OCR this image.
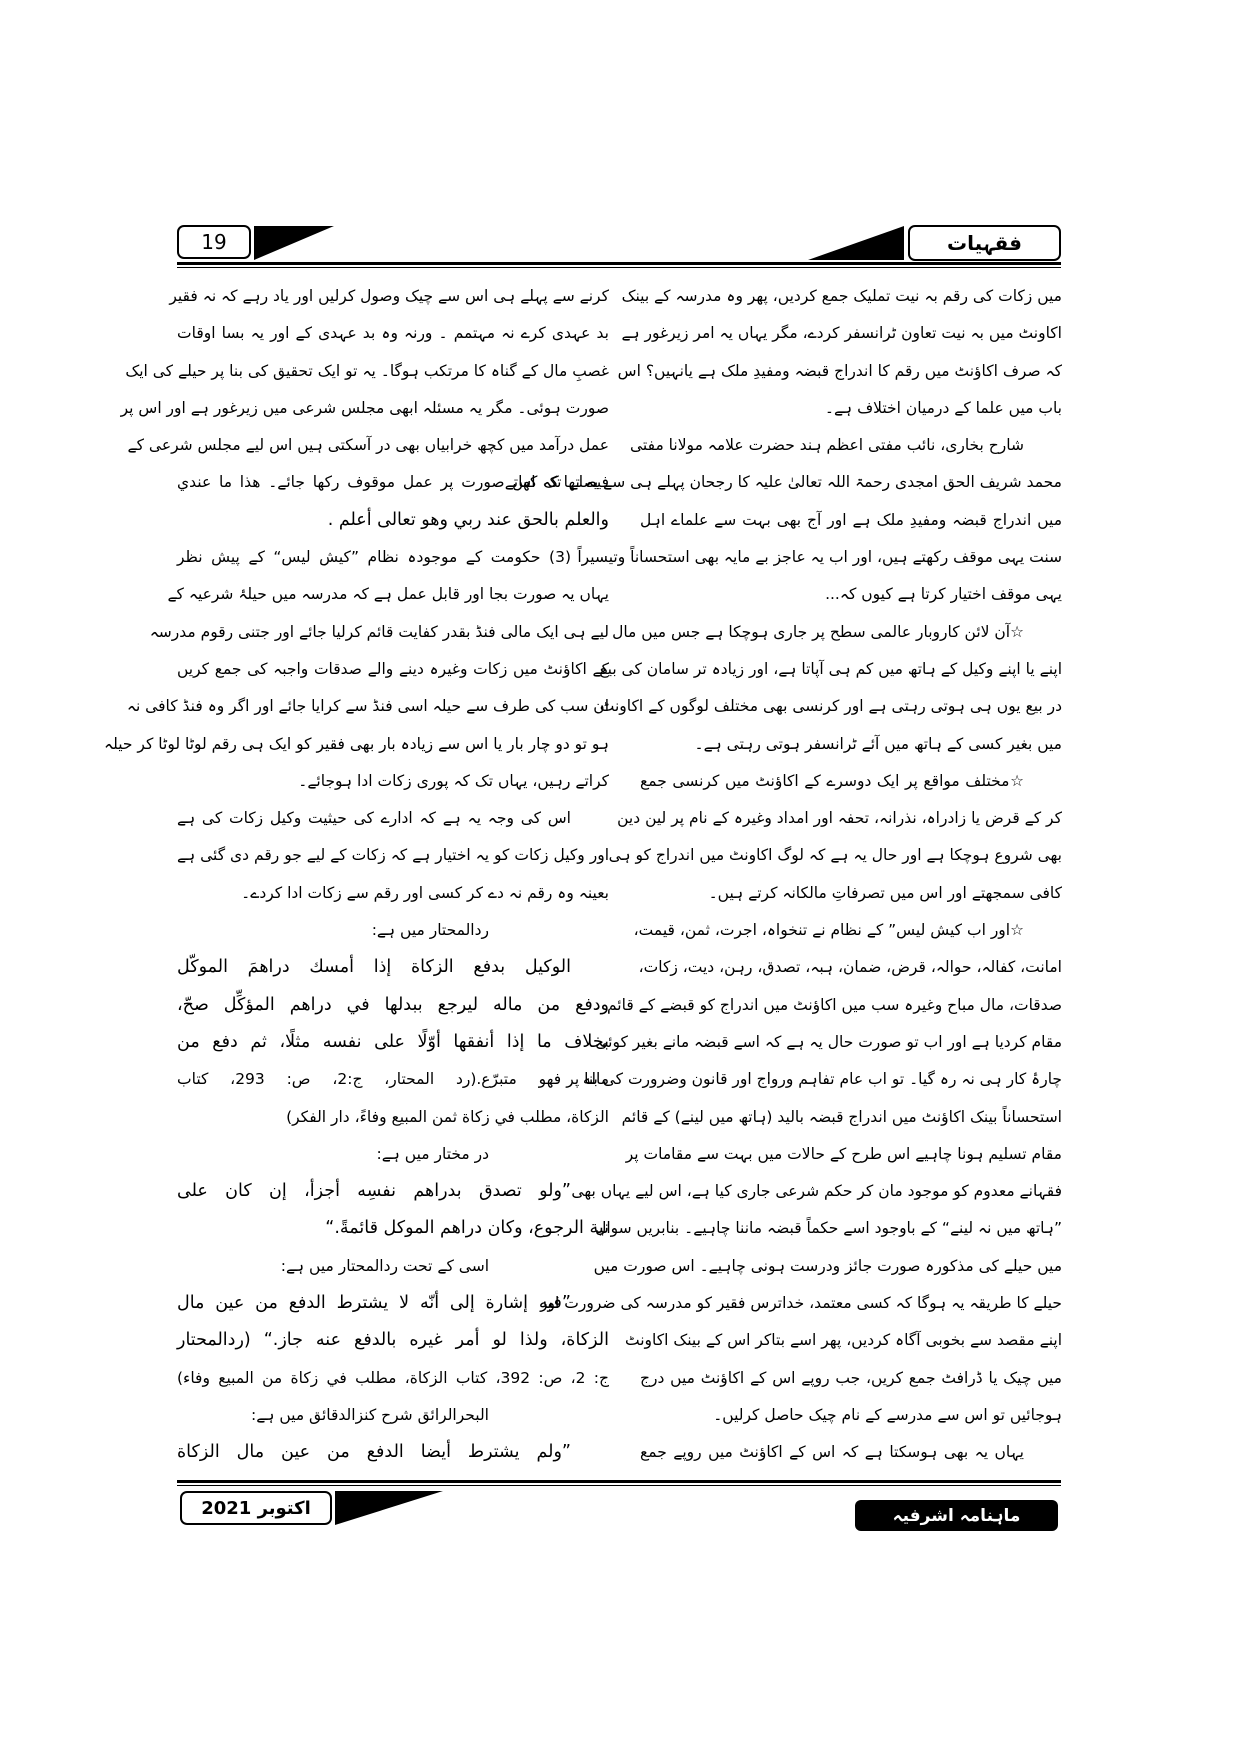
19	فقہیات
میں زکات کی رقم بہ نیت تملیک جمع کردیں، پھر وہ مدرسہ کے بینک
اکاونٹ میں بہ نیت تعاون ٹرانسفر کردے، مگر یہاں یہ امر زیرغور ہے
کہ صرف اکاؤنٹ میں رقم کا اندراج قبضہ ومفیدِ ملک ہے یانہیں؟ اس
باب میں علما کے درمیان اختلاف ہے۔
شارح بخاری، نائب مفتی اعظم ہند حضرت علامہ مولانا مفتی
محمد شریف الحق امجدی رحمۃ اللہ تعالیٰ علیہ کا رجحان پہلے ہی سے یہ تھا کہ کھاتے
میں اندراج قبضہ ومفیدِ ملک ہے اور آج بھی بہت سے علماے اہل
سنت یہی موقف رکھتے ہیں، اور اب یہ عاجز بے مایہ بھی استحساناً وتیسیراً
یہی موقف اختیار کرتا ہے کیوں کہ...
☆آن لائن کاروبار عالمی سطح پر جاری ہوچکا ہے جس میں مال
اپنے یا اپنے وکیل کے ہاتھ میں کم ہی آپاتا ہے، اور زیادہ تر سامان کی بیع
در بیع یوں ہی ہوتی رہتی ہے اور کرنسی بھی مختلف لوگوں کے اکاونٹ
میں بغیر کسی کے ہاتھ میں آئے ٹرانسفر ہوتی رہتی ہے۔
☆مختلف مواقع پر ایک دوسرے کے اکاؤنٹ میں کرنسی جمع
کر کے قرض یا زادراہ، نذرانہ، تحفہ اور امداد وغیرہ کے نام پر لین دین
بھی شروع ہوچکا ہے اور حال یہ ہے کہ لوگ اکاونٹ میں اندراج کو ہی
کافی سمجھتے اور اس میں تصرفاتِ مالکانہ کرتے ہیں۔
☆اور اب کیش لیس” کے نظام نے تنخواہ، اجرت، ثمن، قیمت،
امانت، کفالہ، حوالہ، قرض، ضمان، ہبہ، تصدق، رہن، دیت، زکات،
صدقات، مال مباح وغیرہ سب میں اکاؤنٹ میں اندراج کو قبضے کے قائم
مقام کردیا ہے اور اب تو صورت حال یہ ہے کہ اسے قبضہ مانے بغیر کوئی
چارۂ کار ہی نہ رہ گیا۔ تو اب عام تفاہم ورواج اور قانون وضرورت کی بنا پر
استحساناً بینک اکاؤنٹ میں اندراج قبضہ بالید (ہاتھ میں لینے) کے قائم
مقام تسلیم ہونا چاہیے اس طرح کے حالات میں بہت سے مقامات پر
فقہانے معدوم کو موجود مان کر حکم شرعی جاری کیا ہے، اس لیے یہاں بھی
”ہاتھ میں نہ لینے“ کے باوجود اسے حکماً قبضہ ماننا چاہیے۔ بنابریں سوال
میں حیلے کی مذکورہ صورت جائز ودرست ہونی چاہیے۔ اس صورت میں
حیلے کا طریقہ یہ ہوگا کہ کسی معتمد، خداترس فقیر کو مدرسہ کی ضرورت اور
اپنے مقصد سے بخوبی آگاہ کردیں، پھر اسے بتاکر اس کے بینک اکاونٹ
میں چیک یا ڈرافٹ جمع کریں، جب روپے اس کے اکاؤنٹ میں درج
ہوجائیں تو اس سے مدرسے کے نام چیک حاصل کرلیں۔
یہاں یہ بھی ہوسکتا ہے کہ اس کے اکاؤنٹ میں روپے جمع
کرنے سے پہلے ہی اس سے چیک وصول کرلیں اور یاد رہے کہ نہ فقیر
بد عہدی کرے نہ مہتمم ۔ ورنہ وہ بد عہدی کے اور یہ بسا اوقات
غصبِ مال کے گناہ کا مرتکب ہوگا۔ یہ تو ایک تحقیق کی بنا پر حیلے کی ایک
صورت ہوئی۔ مگر یہ مسئلہ ابھی مجلس شرعی میں زیرغور ہے اور اس پر
عمل درآمد میں کچھ خرابیاں بھی در آسکتی ہیں اس لیے مجلس شرعی کے
فیصلے تک اس صورت پر عمل موقوف رکھا جائے۔ هذا ما عندي
والعلم بالحق عند ربي وهو تعالى أعلم .
(3) حکومت کے موجودہ نظام ”کیش لیس“ کے پیش نظر
یہاں یہ صورت بجا اور قابل عمل ہے کہ مدرسہ میں حیلۂ شرعیہ کے
لیے ہی ایک مالی فنڈ بقدر کفایت قائم کرلیا جائے اور جتنی رقوم مدرسہ
کے اکاؤنٹ میں زکات وغیرہ دینے والے صدقات واجبہ کی جمع کریں
ان سب کی طرف سے حیلہ اسی فنڈ سے کرایا جائے اور اگر وہ فنڈ کافی نہ
ہو تو دو چار بار یا اس سے زیادہ بار بھی فقیر کو ایک ہی رقم لوٹا لوٹا کر حیلہ
کراتے رہیں، یہاں تک کہ پوری زکات ادا ہوجائے۔
اس کی وجہ یہ ہے کہ ادارے کی حیثیت وکیل زکات کی ہے
اور وکیل زکات کو یہ اختیار ہے کہ زکات کے لیے جو رقم دی گئی ہے
بعینہ وہ رقم نہ دے کر کسی اور رقم سے زکات ادا کردے۔
ردالمحتار میں ہے:
الوكيل بدفع الزكاة إذا أمسك دراهمَ الموكّل
ودفع من ماله ليرجع ببدلها في دراهم المؤكِّل صحّ،
بخلاف ما إذا أنفقها أوّلًا على نفسه مثلًا، ثم دفع من
ماله فهو متبرّع.(رد المحتار، ج:2، ص: 293، كتاب
الزكاة، مطلب في زكاة ثمن المبيع وفاءً، دار الفكر)
در مختار میں ہے:
”ولو تصدق بدراهم نفسِه أجزأ، إن كان على
نية الرجوع، وكان دراهم الموكل قائمةً.“
اسی کے تحت ردالمحتار میں ہے:
”فيه إشارة إلى أنّه لا يشترط الدفع من عين مال
الزكاة، ولذا لو أمر غيره بالدفع عنه جاز.“ (ردالمحتار
ج: 2، ص: 392، كتاب الزكاة، مطلب في زكاة من المبيع وفاء)
البحرالرائق شرح كنزالدقائق میں ہے:
”ولم يشترط أيضا الدفع من عين مال الزكاة
اکتوبر 2021	ماہنامہ اشرفیہ
